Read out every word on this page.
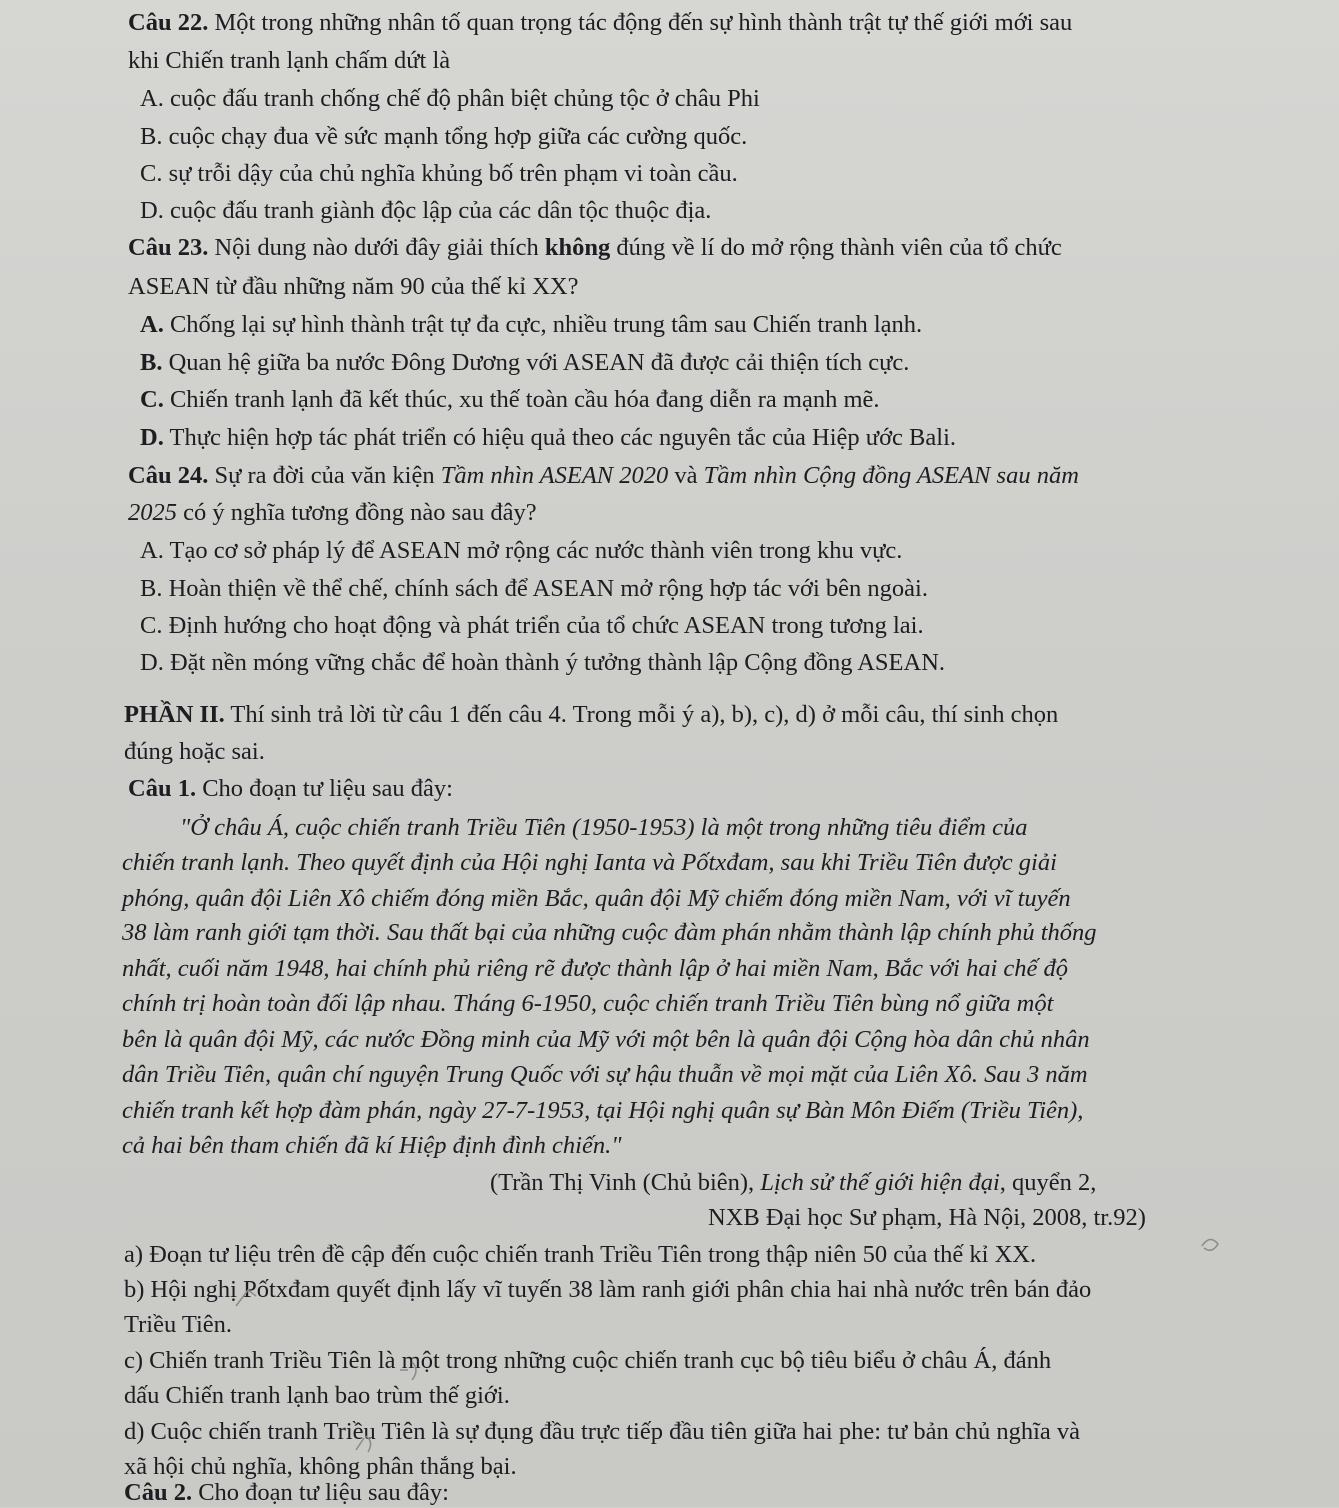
Câu 22. Một trong những nhân tố quan trọng tác động đến sự hình thành trật tự thế giới mới sau
khi Chiến tranh lạnh chấm dứt là
A. cuộc đấu tranh chống chế độ phân biệt chủng tộc ở châu Phi
B. cuộc chạy đua về sức mạnh tổng hợp giữa các cường quốc.
C. sự trỗi dậy của chủ nghĩa khủng bố trên phạm vi toàn cầu.
D. cuộc đấu tranh giành độc lập của các dân tộc thuộc địa.
Câu 23. Nội dung nào dưới đây giải thích không đúng về lí do mở rộng thành viên của tổ chức
ASEAN từ đầu những năm 90 của thế kỉ XX?
A. Chống lại sự hình thành trật tự đa cực, nhiều trung tâm sau Chiến tranh lạnh.
B. Quan hệ giữa ba nước Đông Dương với ASEAN đã được cải thiện tích cực.
C. Chiến tranh lạnh đã kết thúc, xu thế toàn cầu hóa đang diễn ra mạnh mẽ.
D. Thực hiện hợp tác phát triển có hiệu quả theo các nguyên tắc của Hiệp ước Bali.
Câu 24. Sự ra đời của văn kiện Tầm nhìn ASEAN 2020 và Tầm nhìn Cộng đồng ASEAN sau năm
2025 có ý nghĩa tương đồng nào sau đây?
A. Tạo cơ sở pháp lý để ASEAN mở rộng các nước thành viên trong khu vực.
B. Hoàn thiện về thể chế, chính sách để ASEAN mở rộng hợp tác với bên ngoài.
C. Định hướng cho hoạt động và phát triển của tổ chức ASEAN trong tương lai.
D. Đặt nền móng vững chắc để hoàn thành ý tưởng thành lập Cộng đồng ASEAN.
PHẦN II. Thí sinh trả lời từ câu 1 đến câu 4. Trong mỗi ý a), b), c), d) ở mỗi câu, thí sinh chọn
đúng hoặc sai.
Câu 1. Cho đoạn tư liệu sau đây:
"Ở châu Á, cuộc chiến tranh Triều Tiên (1950-1953) là một trong những tiêu điểm của
chiến tranh lạnh. Theo quyết định của Hội nghị Ianta và Pốtxđam, sau khi Triều Tiên được giải
phóng, quân đội Liên Xô chiếm đóng miền Bắc, quân đội Mỹ chiếm đóng miền Nam, với vĩ tuyến
38 làm ranh giới tạm thời. Sau thất bại của những cuộc đàm phán nhằm thành lập chính phủ thống
nhất, cuối năm 1948, hai chính phủ riêng rẽ được thành lập ở hai miền Nam, Bắc với hai chế độ
chính trị hoàn toàn đối lập nhau. Tháng 6-1950, cuộc chiến tranh Triều Tiên bùng nổ giữa một
bên là quân đội Mỹ, các nước Đồng minh của Mỹ với một bên là quân đội Cộng hòa dân chủ nhân
dân Triều Tiên, quân chí nguyện Trung Quốc với sự hậu thuẫn về mọi mặt của Liên Xô. Sau 3 năm
chiến tranh kết hợp đàm phán, ngày 27-7-1953, tại Hội nghị quân sự Bàn Môn Điếm (Triều Tiên),
cả hai bên tham chiến đã kí Hiệp định đình chiến."
(Trần Thị Vinh (Chủ biên), Lịch sử thế giới hiện đại, quyển 2,
NXB Đại học Sư phạm, Hà Nội, 2008, tr.92)
a) Đoạn tư liệu trên đề cập đến cuộc chiến tranh Triều Tiên trong thập niên 50 của thế kỉ XX.
b) Hội nghị Pốtxđam quyết định lấy vĩ tuyến 38 làm ranh giới phân chia hai nhà nước trên bán đảo
Triều Tiên.
c) Chiến tranh Triều Tiên là một trong những cuộc chiến tranh cục bộ tiêu biểu ở châu Á, đánh
dấu Chiến tranh lạnh bao trùm thế giới.
d) Cuộc chiến tranh Triều Tiên là sự đụng đầu trực tiếp đầu tiên giữa hai phe: tư bản chủ nghĩa và
xã hội chủ nghĩa, không phân thắng bại.
Câu 2. Cho đoạn tư liệu sau đây:
